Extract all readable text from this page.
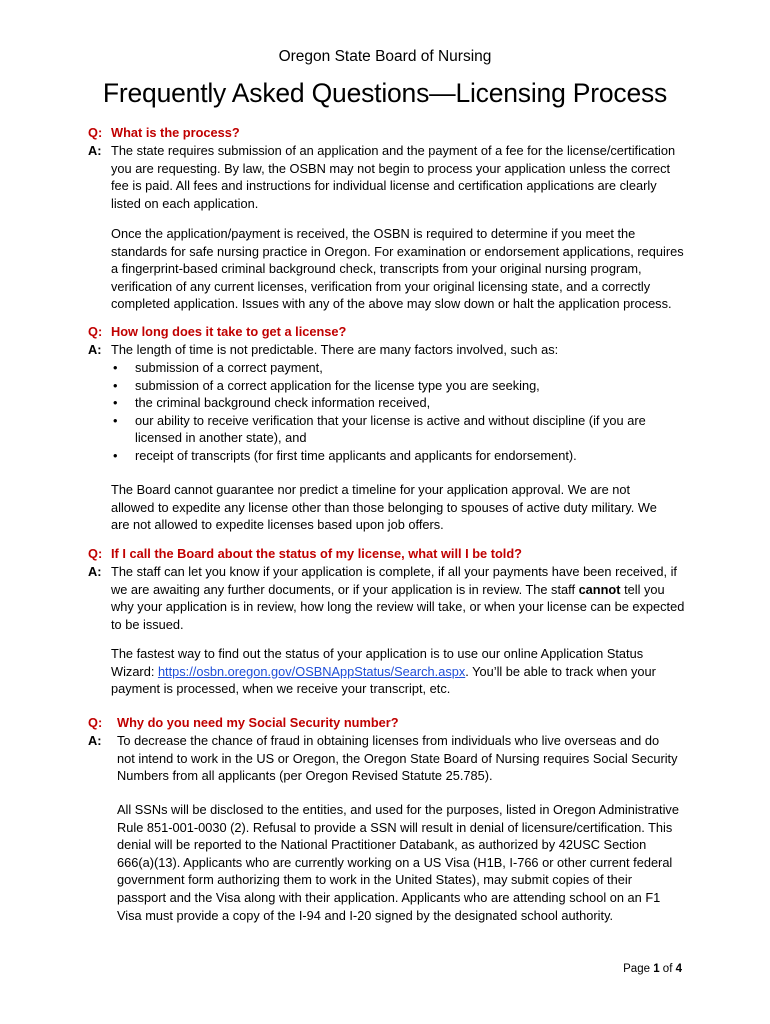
Oregon State Board of Nursing
Frequently Asked Questions—Licensing Process
Q: What is the process?
A: The state requires submission of an application and the payment of a fee for the license/certification you are requesting. By law, the OSBN may not begin to process your application unless the correct fee is paid. All fees and instructions for individual license and certification applications are clearly listed on each application.
Once the application/payment is received, the OSBN is required to determine if you meet the standards for safe nursing practice in Oregon. For examination or endorsement applications, requires a fingerprint-based criminal background check, transcripts from your original nursing program, verification of any current licenses, verification from your original licensing state, and a correctly completed application. Issues with any of the above may slow down or halt the application process.
Q: How long does it take to get a license?
A: The length of time is not predictable. There are many factors involved, such as:
• submission of a correct payment,
• submission of a correct application for the license type you are seeking,
• the criminal background check information received,
• our ability to receive verification that your license is active and without discipline (if you are licensed in another state), and
• receipt of transcripts (for first time applicants and applicants for endorsement).
The Board cannot guarantee nor predict a timeline for your application approval. We are not allowed to expedite any license other than those belonging to spouses of active duty military. We are not allowed to expedite licenses based upon job offers.
Q: If I call the Board about the status of my license, what will I be told?
A: The staff can let you know if your application is complete, if all your payments have been received, if we are awaiting any further documents, or if your application is in review. The staff cannot tell you why your application is in review, how long the review will take, or when your license can be expected to be issued.
The fastest way to find out the status of your application is to use our online Application Status Wizard: https://osbn.oregon.gov/OSBNAppStatus/Search.aspx. You’ll be able to track when your payment is processed, when we receive your transcript, etc.
Q: Why do you need my Social Security number?
A: To decrease the chance of fraud in obtaining licenses from individuals who live overseas and do not intend to work in the US or Oregon, the Oregon State Board of Nursing requires Social Security Numbers from all applicants (per Oregon Revised Statute 25.785).
All SSNs will be disclosed to the entities, and used for the purposes, listed in Oregon Administrative Rule 851-001-0030 (2). Refusal to provide a SSN will result in denial of licensure/certification. This denial will be reported to the National Practitioner Databank, as authorized by 42USC Section 666(a)(13). Applicants who are currently working on a US Visa (H1B, I-766 or other current federal government form authorizing them to work in the United States), may submit copies of their passport and the Visa along with their application. Applicants who are attending school on an F1 Visa must provide a copy of the I-94 and I-20 signed by the designated school authority.
Page 1 of 4
